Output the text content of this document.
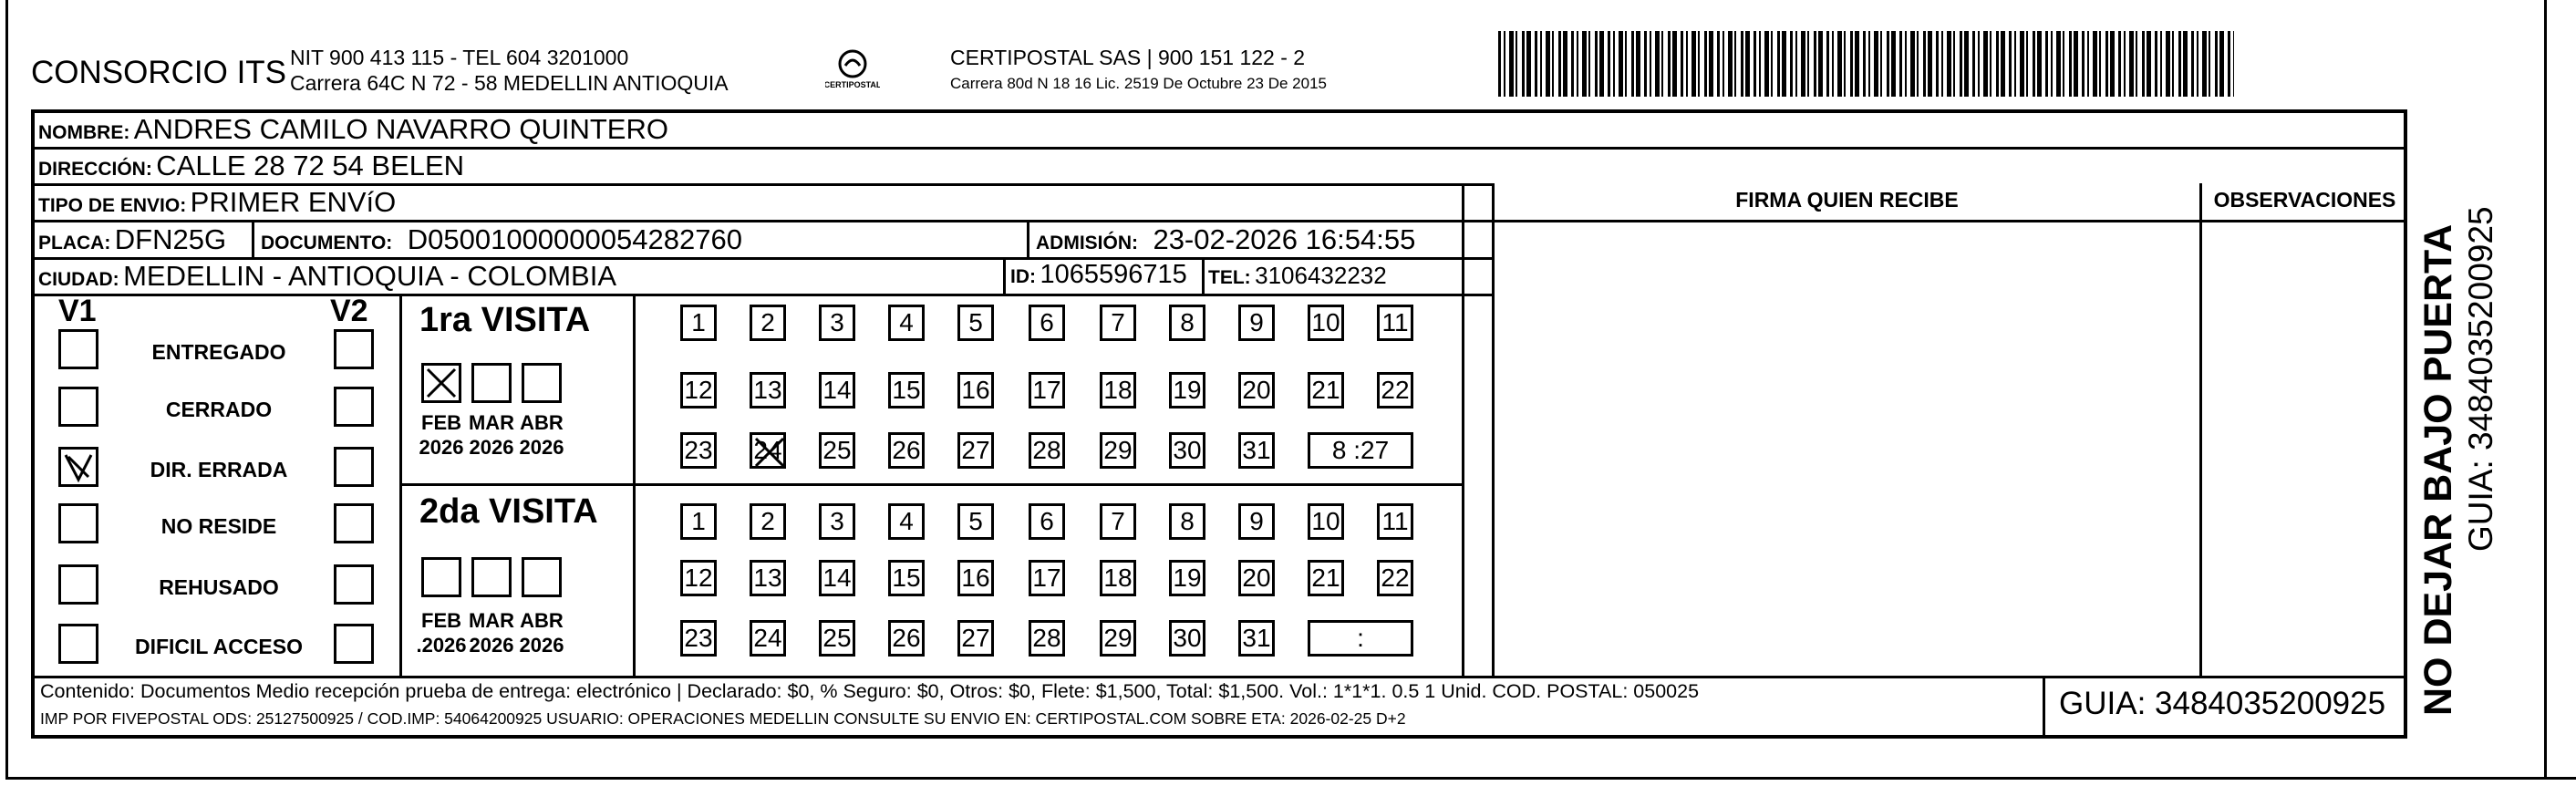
CONSORCIO ITS NIT 900 413 115 - TEL 604 3201000
Carrera 64C N 72 - 58 MEDELLIN ANTIOQUIA	CERTIPOSTAL
CERTIPOSTAL SAS | 900 151 122 - 2
Carrera 80d N 18 16 Lic. 2519 De Octubre 23 De 2015
NOMBRE: ANDRES CAMILO NAVARRO QUINTERO
DIRECCIÓN: CALLE 28 72 54 BELEN
TIPO DE ENVIO: PRIMER ENVíO
PLACA: DFN25G DOCUMENTO: D05001000000054282760	ADMISIÓN: 23-02-2026 16:54:55
CIUDAD: MEDELLIN - ANTIOQUIA - COLOMBIA	ID: 1065596715 TEL: 3106432232
FIRMA QUIEN RECIBE	OBSERVACIONES
V1	V2
ENTREGADO
CERRADO
DIR. ERRADA
NO RESIDE
REHUSADO
DIFICIL ACCESO
1ra VISITA
FEB
2026
MAR
2026
ABR
2026
1 2 3 4 5 6 7 8 9 10 11
12 13 14 15 16 17 18 19 20 21 22
23 24 25 26 27 28 29 30 31 8 :27
2da VISITA
FEB
.2026
MAR
2026
ABR
2026
1 2 3 4 5 6 7 8 9 10 11
12 13 14 15 16 17 18 19 20 21 22
23 24 25 26 27 28 29 30 31	:
Contenido: Documentos Medio recepción prueba de entrega: electrónico | Declarado: $0, % Seguro: $0, Otros: $0, Flete: $1,500, Total: $1,500. Vol.: 1*1*1. 0.5 1 Unid. COD. POSTAL: 050025
IMP POR FIVEPOSTAL ODS: 25127500925 / COD.IMP: 54064200925 USUARIO: OPERACIONES MEDELLIN CONSULTE SU ENVIO EN: CERTIPOSTAL.COM SOBRE ETA: 2026-02-25 D+2	GUIA: 3484035200925 NO DEJAR BAJO PUERTA GUIA: 3484035200925
